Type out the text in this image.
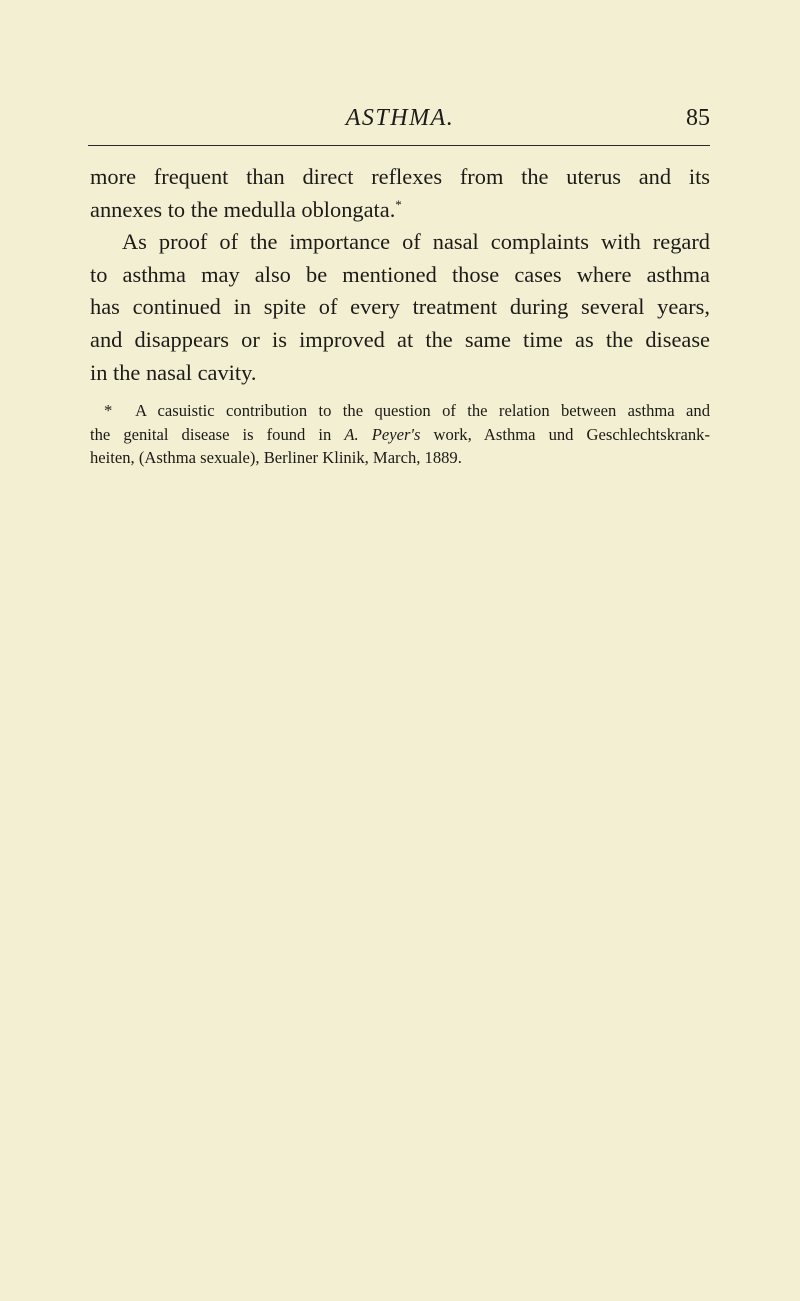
ASTHMA.	85

more frequent than direct reflexes from the uterus and its
annexes to the medulla oblongata.*

As proof of the importance of nasal complaints with regard
to asthma may also be mentioned those cases where asthma
has continued in spite of every treatment during several years,
and disappears or is improved at the same time as the disease
in the nasal cavity.

* A casuistic contribution to the question of the relation between asthma and
the genital disease is found in A. Peyer's work, Asthma und Geschlechtskrank-
heiten, (Asthma sexuale), Berliner Klinik, March, 1889.
